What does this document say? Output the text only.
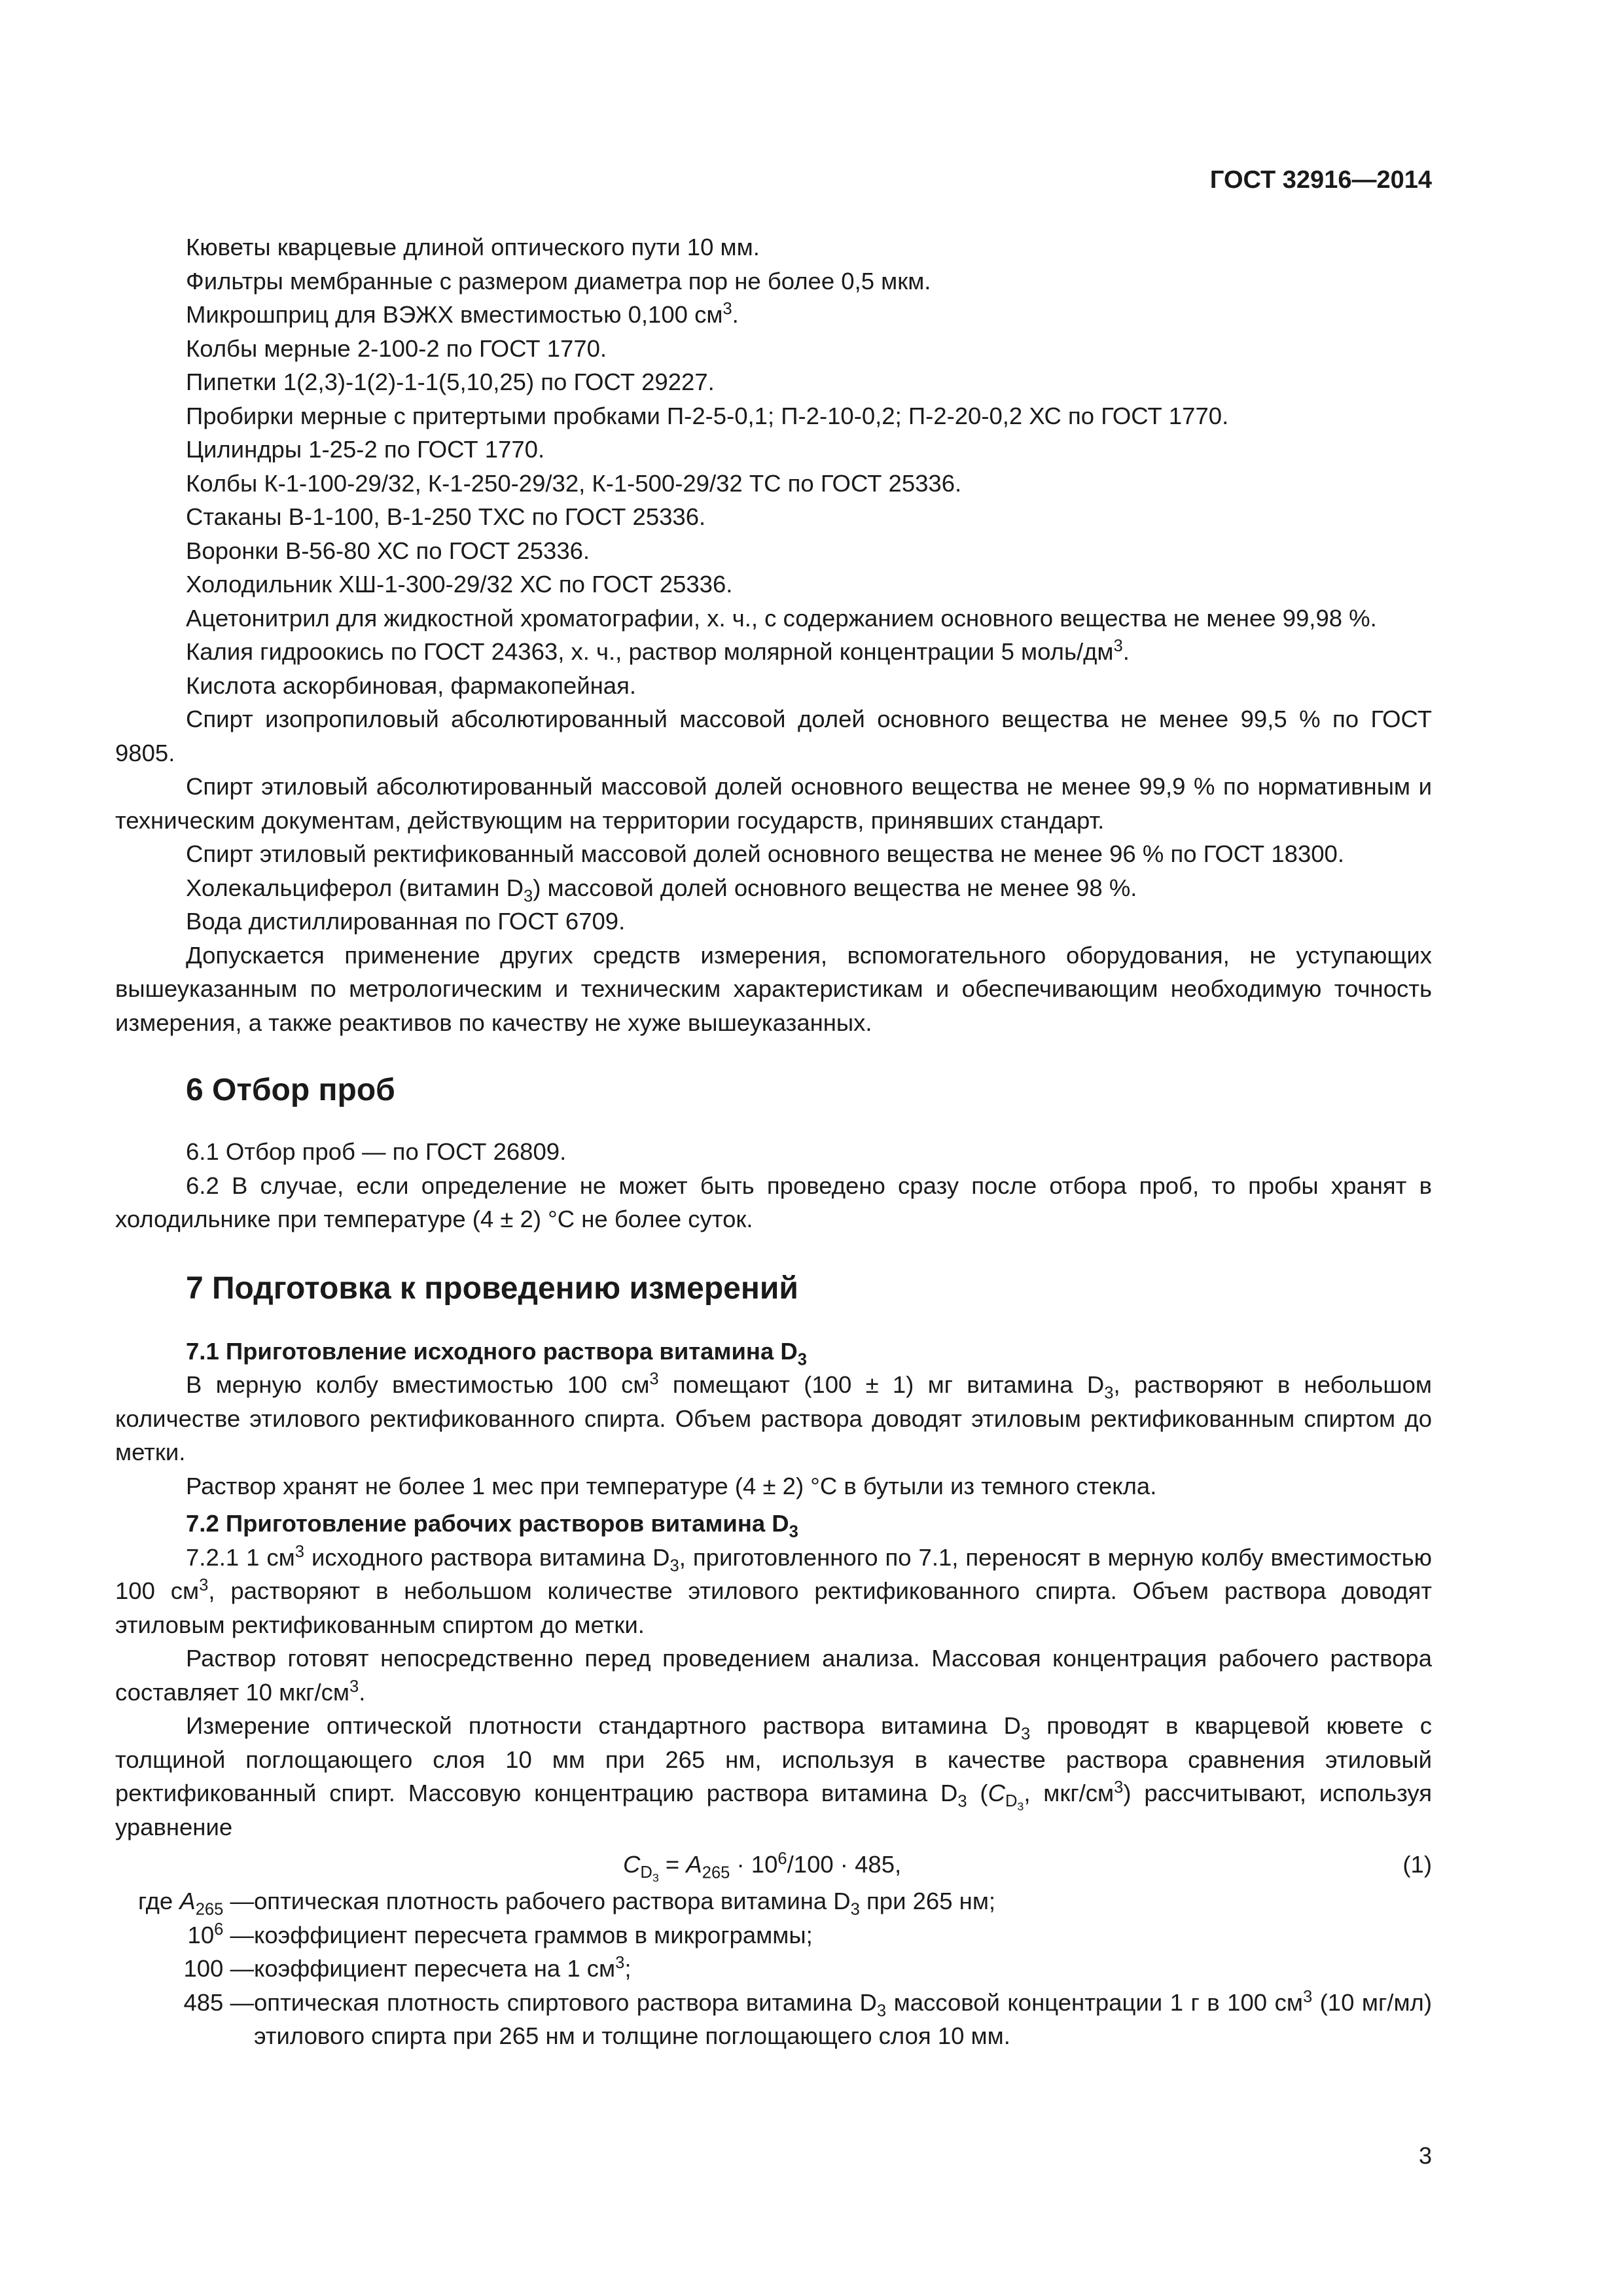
ГОСТ 32916—2014

Кюветы кварцевые длиной оптического пути 10 мм.

Фильтры мембранные с размером диаметра пор не более 0,5 мкм.

Микрошприц для ВЭЖХ вместимостью 0,100 $см^3$.

Колбы мерные 2-100-2 по ГОСТ 1770.

Пипетки 1(2,3)-1(2)-1-1(5,10,25) по ГОСТ 29227.

Пробирки мерные с притертыми пробками П-2-5-0,1; П-2-10-0,2; П-2-20-0,2 ХС по ГОСТ 1770.

Цилиндры 1-25-2 по ГОСТ 1770.

Колбы К-1-100-29/32, К-1-250-29/32, К-1-500-29/32 ТС по ГОСТ 25336.

Стаканы В-1-100, В-1-250 ТХС по ГОСТ 25336.

Воронки В-56-80 ХС по ГОСТ 25336.

Холодильник ХШ-1-300-29/32 ХС по ГОСТ 25336.

Ацетонитрил для жидкостной хроматографии, х. ч., с содержанием основного вещества не менее 99,98 %.

Калия гидроокись по ГОСТ 24363, х. ч., раствор молярной концентрации 5 моль/$дм^3$.

Кислота аскорбиновая, фармакопейная.

Спирт изопропиловый абсолютированный массовой долей основного вещества не менее 99,5 % по ГОСТ 9805.

Спирт этиловый абсолютированный массовой долей основного вещества не менее 99,9 % по нормативным и техническим документам, действующим на территории государств, принявших стандарт.

Спирт этиловый ректификованный массовой долей основного вещества не менее 96 % по ГОСТ 18300.

Холекальциферол (витамин $D_3$) массовой долей основного вещества не менее 98 %.

Вода дистиллированная по ГОСТ 6709.

Допускается применение других средств измерения, вспомогательного оборудования, не уступающих вышеуказанным по метрологическим и техническим характеристикам и обеспечивающим необходимую точность измерения, а также реактивов по качеству не хуже вышеуказанных.

6 Отбор проб

6.1 Отбор проб — по ГОСТ 26809.

6.2 В случае, если определение не может быть проведено сразу после отбора проб, то пробы хранят в холодильнике при температуре (4 ± 2) °С не более суток.

7 Подготовка к проведению измерений

7.1 Приготовление исходного раствора витамина $D_3$

В мерную колбу вместимостью 100 $см^3$ помещают (100 ± 1) мг витамина $D_3$, растворяют в небольшом количестве этилового ректификованного спирта. Объем раствора доводят этиловым ректификованным спиртом до метки.

Раствор хранят не более 1 мес при температуре (4 ± 2) °С в бутыли из темного стекла.

7.2 Приготовление рабочих растворов витамина $D_3$

7.2.1 1 $см^3$ исходного раствора витамина $D_3$, приготовленного по 7.1, переносят в мерную колбу вместимостью 100 $см^3$, растворяют в небольшом количестве этилового ректификованного спирта. Объем раствора доводят этиловым ректификованным спиртом до метки.

Раствор готовят непосредственно перед проведением анализа. Массовая концентрация рабочего раствора составляет 10 мкг/$см^3$.

Измерение оптической плотности стандартного раствора витамина $D_3$ проводят в кварцевой кювете с толщиной поглощающего слоя 10 мм при 265 нм, используя в качестве раствора сравнения этиловый ректификованный спирт. Массовую концентрацию раствора витамина $D_3$ ($C_{D_3}$, мкг/$см^3$) рассчитывают, используя уравнение

$C_{D_3} = A_{265} \cdot 10^6/100 \cdot 485$,	(1)
где $A_{265}$ — оптическая плотность рабочего раствора витамина $D_3$ при 265 нм;
$10^6$ — коэффициент пересчета граммов в микрограммы;
100 — коэффициент пересчета на 1 $см^3$;
485 — оптическая плотность спиртового раствора витамина $D_3$ массовой концентрации 1 г в 100 $см^3$ (10 мг/мл) этилового спирта при 265 нм и толщине поглощающего слоя 10 мм.
3
